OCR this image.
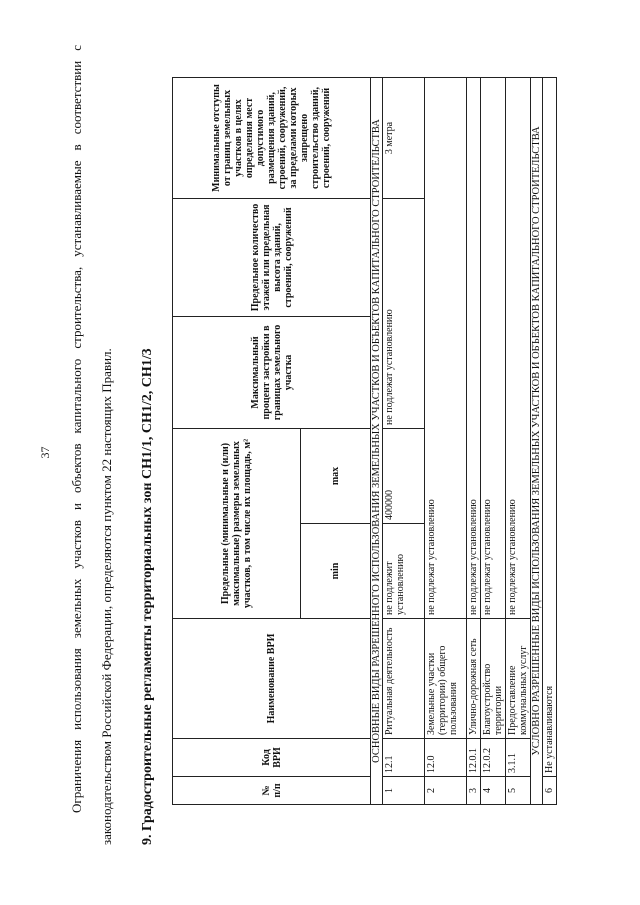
37	Ограничения использования земельных участков и объектов капитального строительства, устанавливаемые в соответствии с законодательством Российской Федерации, определяются пунктом 22 настоящих Правил.	9. Градостроительные регламенты территориальных зон СН1/1, СН1/2, СН1/3	№ п/п	Код ВРИ	Наименование ВРИ	Предельные (минимальные и (или) максимальные) размеры земельных участков, в том числе их площадь, м²		Максимальный процент застройки в границах земельного участка	Предельное количество этажей или предельная высота зданий, строений, сооружений	Минимальные отступы от границ земельных участков в целях определения мест допустимого размещения зданий, строений, сооружений, за пределами которых запрещено строительство зданий, строений, сооружений
			min	max			
ОСНОВНЫЕ ВИДЫ РАЗРЕШЕННОГО ИСПОЛЬЗОВАНИЯ ЗЕМЕЛЬНЫХ УЧАСТКОВ И ОБЪЕКТОВ КАПИТАЛЬНОГО СТРОИТЕЛЬСТВА							
1	12.1	Ритуальная деятельность	не подлежит установлению	400000	не подлежат установлению		3 метра
2	12.0	Земельные участки (территории) общего пользования	не подлежат установлению				
3	12.0.1	Улично-дорожная сеть	не подлежат установлению				
4	12.0.2	Благоустройство территории	не подлежат установлению				
5	3.1.1	Предоставление коммунальных услуг	не подлежат установлению				
УСЛОВНО РАЗРЕШЕННЫЕ ВИДЫ ИСПОЛЬЗОВАНИЯ ЗЕМЕЛЬНЫХ УЧАСТКОВ И ОБЪЕКТОВ КАПИТАЛЬНОГО СТРОИТЕЛЬСТВА							
6	Не устанавливаются						
